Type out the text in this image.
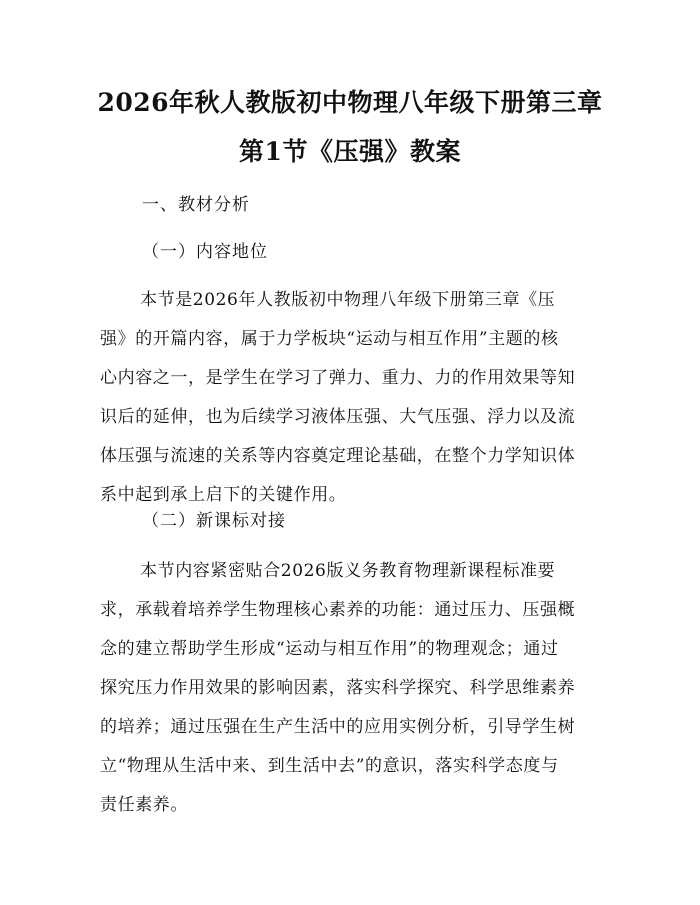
2026年秋人教版初中物理八年级下册第三章
第1节《压强》教案
一、教材分析
（一）内容地位
本节是2026年人教版初中物理八年级下册第三章《压
强》的开篇内容，属于力学板块“运动与相互作用”主题的核
心内容之一，是学生在学习了弹力、重力、力的作用效果等知
识后的延伸，也为后续学习液体压强、大气压强、浮力以及流
体压强与流速的关系等内容奠定理论基础，在整个力学知识体
系中起到承上启下的关键作用。
（二）新课标对接
本节内容紧密贴合2026版义务教育物理新课程标准要
求，承载着培养学生物理核心素养的功能：通过压力、压强概
念的建立帮助学生形成“运动与相互作用”的物理观念；通过
探究压力作用效果的影响因素，落实科学探究、科学思维素养
的培养；通过压强在生产生活中的应用实例分析，引导学生树
立“物理从生活中来、到生活中去”的意识，落实科学态度与
责任素养。
